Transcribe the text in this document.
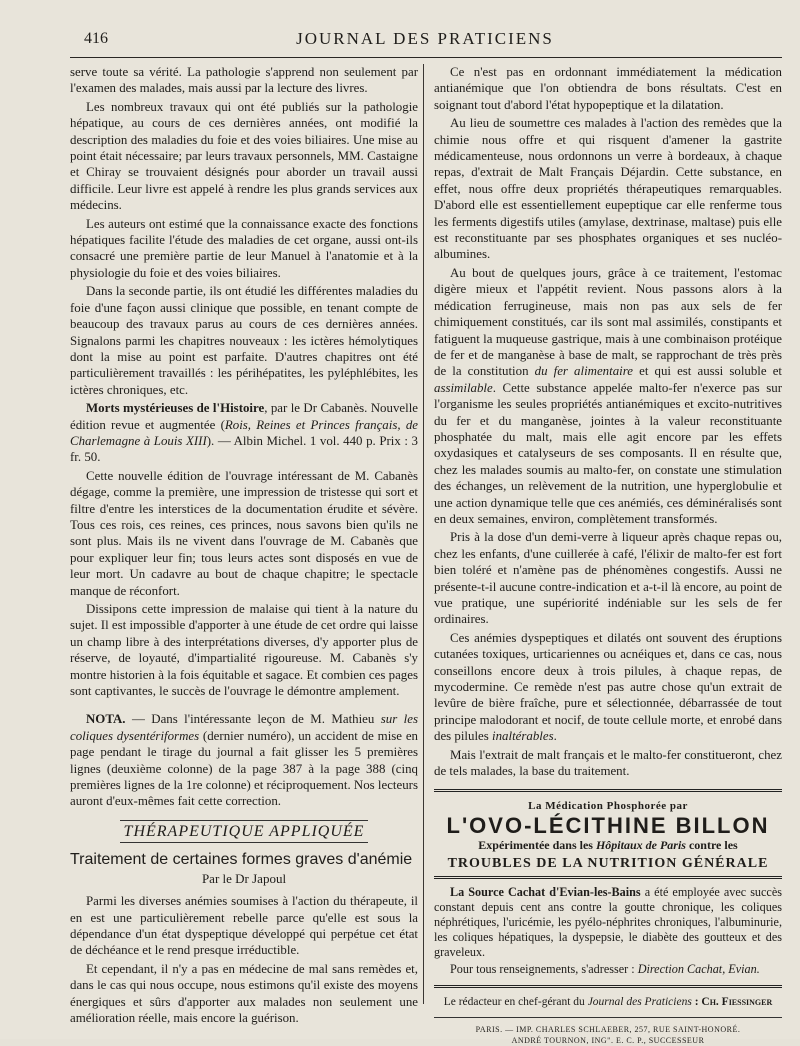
416	JOURNAL DES PRATICIENS

serve toute sa vérité. La pathologie s'apprend non seulement par l'examen des malades, mais aussi par la lecture des livres.

Les nombreux travaux qui ont été publiés sur la pathologie hépatique, au cours de ces dernières années, ont modifié la description des maladies du foie et des voies biliaires. Une mise au point était nécessaire; par leurs travaux personnels, MM. Castaigne et Chiray se trouvaient désignés pour aborder un travail aussi difficile. Leur livre est appelé à rendre les plus grands services aux médecins.

Les auteurs ont estimé que la connaissance exacte des fonctions hépatiques facilite l'étude des maladies de cet organe, aussi ont-ils consacré une première partie de leur Manuel à l'anatomie et à la physiologie du foie et des voies biliaires.

Dans la seconde partie, ils ont étudié les différentes maladies du foie d'une façon aussi clinique que possible, en tenant compte de beaucoup des travaux parus au cours de ces dernières années. Signalons parmi les chapitres nouveaux : les ictères hémolytiques dont la mise au point est parfaite. D'autres chapitres ont été particulièrement travaillés : les périhépatites, les pyléphlébites, les ictères chroniques, etc.

Morts mystérieuses de l'Histoire, par le Dr Cabanès. Nouvelle édition revue et augmentée (Rois, Reines et Princes français, de Charlemagne à Louis XIII). — Albin Michel. 1 vol. 440 p. Prix : 3 fr. 50.

Cette nouvelle édition de l'ouvrage intéressant de M. Cabanès dégage, comme la première, une impression de tristesse qui sort et filtre d'entre les interstices de la documentation érudite et sévère. Tous ces rois, ces reines, ces princes, nous savons bien qu'ils ne sont plus. Mais ils ne vivent dans l'ouvrage de M. Cabanès que pour expliquer leur fin; tous leurs actes sont disposés en vue de leur mort. Un cadavre au bout de chaque chapitre; le spectacle manque de réconfort.

Dissipons cette impression de malaise qui tient à la nature du sujet. Il est impossible d'apporter à une étude de cet ordre qui laisse un champ libre à des interprétations diverses, d'y apporter plus de réserve, de loyauté, d'impartialité rigoureuse. M. Cabanès s'y montre historien à la fois équitable et sagace. Et combien ces pages sont captivantes, le succès de l'ouvrage le démontre amplement.

NOTA. — Dans l'intéressante leçon de M. Mathieu sur les coliques dysentériformes (dernier numéro), un accident de mise en page pendant le tirage du journal a fait glisser les 5 premières lignes (deuxième colonne) de la page 387 à la page 388 (cinq premières lignes de la 1re colonne) et réciproquement. Nos lecteurs auront d'eux-mêmes fait cette correction.

THÉRAPEUTIQUE APPLIQUÉE
Traitement de certaines formes graves d'anémie
Par le Dr Japoul

Parmi les diverses anémies soumises à l'action du thérapeute, il en est une particulièrement rebelle parce qu'elle est sous la dépendance d'un état dyspeptique développé qui perpétue cet état de déchéance et le rend presque irréductible.

Et cependant, il n'y a pas en médecine de mal sans remèdes et, dans le cas qui nous occupe, nous estimons qu'il existe des moyens énergiques et sûrs d'apporter aux malades non seulement une amélioration réelle, mais encore la guérison.

Ce n'est pas en ordonnant immédiatement la médication antianémique que l'on obtiendra de bons résultats. C'est en soignant tout d'abord l'état hypopeptique et la dilatation.

Au lieu de soumettre ces malades à l'action des remèdes que la chimie nous offre et qui risquent d'amener la gastrite médicamenteuse, nous ordonnons un verre à bordeaux, à chaque repas, d'extrait de Malt Français Déjardin. Cette substance, en effet, nous offre deux propriétés thérapeutiques remarquables. D'abord elle est essentiellement eupeptique car elle renferme tous les ferments digestifs utiles (amylase, dextrinase, maltase) puis elle est reconstituante par ses phosphates organiques et ses nucléo-albumines.

Au bout de quelques jours, grâce à ce traitement, l'estomac digère mieux et l'appétit revient. Nous passons alors à la médication ferrugineuse, mais non pas aux sels de fer chimiquement constitués, car ils sont mal assimilés, constipants et fatiguent la muqueuse gastrique, mais à une combinaison protéique de fer et de manganèse à base de malt, se rapprochant de très près de la constitution du fer alimentaire et qui est aussi soluble et assimilable. Cette substance appelée malto-fer n'exerce pas sur l'organisme les seules propriétés antianémiques et excito-nutritives du fer et du manganèse, jointes à la valeur reconstituante phosphatée du malt, mais elle agit encore par les effets oxydasiques et catalyseurs de ses composants. Il en résulte que, chez les malades soumis au malto-fer, on constate une stimulation des échanges, un relèvement de la nutrition, une hyperglobulie et une action dynamique telle que ces anémiés, ces déminéralisés sont en deux semaines, environ, complètement transformés.

Pris à la dose d'un demi-verre à liqueur après chaque repas ou, chez les enfants, d'une cuillerée à café, l'élixir de malto-fer est fort bien toléré et n'amène pas de phénomènes congestifs. Aussi ne présente-t-il aucune contre-indication et a-t-il là encore, au point de vue pratique, une supériorité indéniable sur les sels de fer ordinaires.

Ces anémies dyspeptiques et dilatés ont souvent des éruptions cutanées toxiques, urticariennes ou acnéiques et, dans ce cas, nous conseillons encore deux à trois pilules, à chaque repas, de mycodermine. Ce remède n'est pas autre chose qu'un extrait de levûre de bière fraîche, pure et sélectionnée, débarrassée de tout principe malodorant et nocif, de toute cellule morte, et enrobé dans des pilules inaltérables.

Mais l'extrait de malt français et le malto-fer constitueront, chez de tels malades, la base du traitement.

La Médication Phosphorée par
L'OVO-LÉCITHINE BILLON
Expérimentée dans les Hôpitaux de Paris contre les
TROUBLES DE LA NUTRITION GÉNÉRALE

La Source Cachat d'Evian-les-Bains a été employée avec succès constant depuis cent ans contre la goutte chronique, les coliques néphrétiques, l'uricémie, les pyélo-néphrites chroniques, l'albuminurie, les coliques hépatiques, la dyspepsie, le diabète des goutteux et des graveleux.

Pour tous renseignements, s'adresser : Direction Cachat, Evian.

Le rédacteur en chef-gérant du Journal des Praticiens : Ch. Fiessinger
PARIS. — IMP. CHARLES SCHLAEBER, 257, RUE SAINT-HONORÉ.
ANDRÉ TOURNON, ING". E. C. P., SUCCESSEUR
